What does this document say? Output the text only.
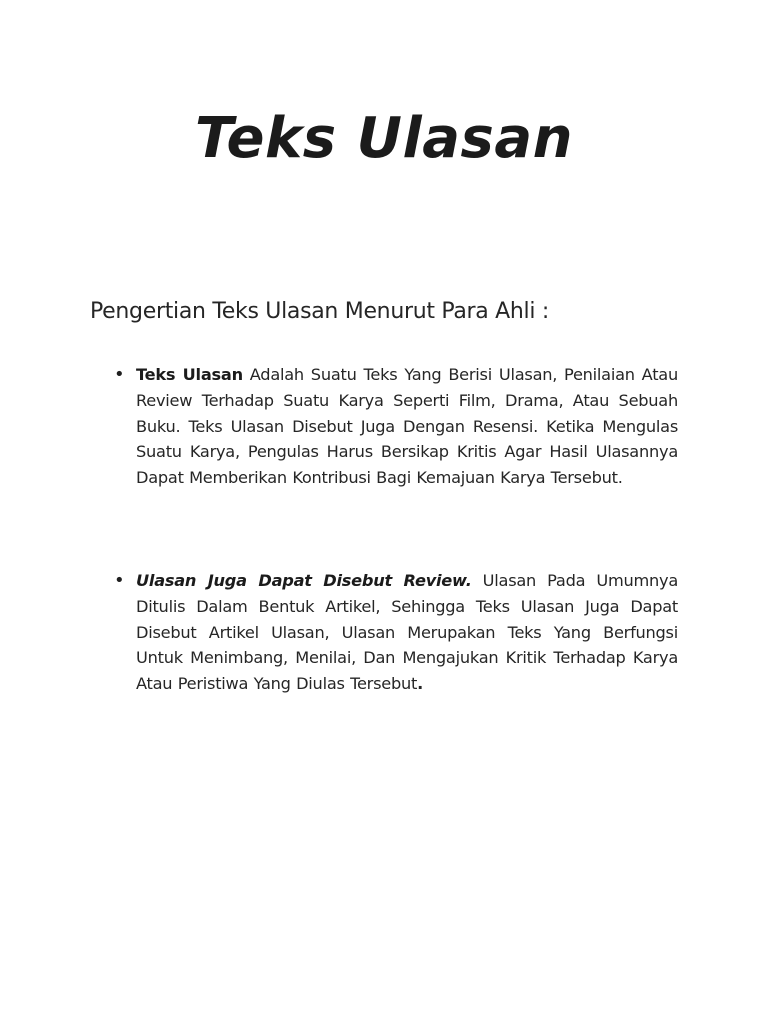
Teks Ulasan

Pengertian Teks Ulasan Menurut Para Ahli :

• Teks Ulasan Adalah Suatu Teks Yang Berisi Ulasan, Penilaian Atau Review Terhadap Suatu Karya Seperti Film, Drama, Atau Sebuah Buku. Teks Ulasan Disebut Juga Dengan Resensi. Ketika Mengulas Suatu Karya, Pengulas Harus Bersikap Kritis Agar Hasil Ulasannya Dapat Memberikan Kontribusi Bagi Kemajuan Karya Tersebut.
• Ulasan Juga Dapat Disebut Review. Ulasan Pada Umumnya Ditulis Dalam Bentuk Artikel, Sehingga Teks Ulasan Juga Dapat Disebut Artikel Ulasan, Ulasan Merupakan Teks Yang Berfungsi Untuk Menimbang, Menilai, Dan Mengajukan Kritik Terhadap Karya Atau Peristiwa Yang Diulas Tersebut.
